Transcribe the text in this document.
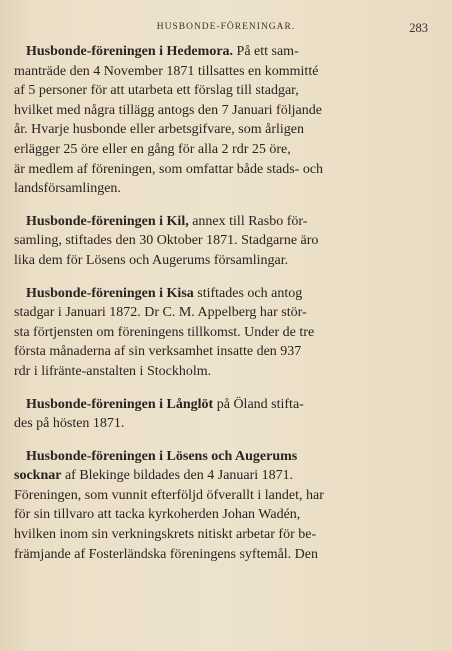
HUSBONDE-FÖRENINGAR.	283
Husbonde-föreningen i Hedemora. På ett sam-
manträde den 4 November 1871 tillsattes en kommitté
af 5 personer för att utarbeta ett förslag till stadgar,
hvilket med några tillägg antogs den 7 Januari följande
år. Hvarje husbonde eller arbetsgifvare, som årligen
erlägger 25 öre eller en gång för alla 2 rdr 25 öre,
är medlem af föreningen, som omfattar både stads- och
landsförsamlingen.
Husbonde-föreningen i Kil, annex till Rasbo för-
samling, stiftades den 30 Oktober 1871. Stadgarne äro
lika dem för Lösens och Augerums församlingar.
Husbonde-föreningen i Kisa stiftades och antog
stadgar i Januari 1872. Dr C. M. Appelberg har stör-
sta förtjensten om föreningens tillkomst. Under de tre
första månaderna af sin verksamhet insatte den 937
rdr i lifränte-anstalten i Stockholm.
Husbonde-föreningen i Långlöt på Öland stifta-
des på hösten 1871.
Husbonde-föreningen i Lösens och Augerums
socknar af Blekinge bildades den 4 Januari 1871.
Föreningen, som vunnit efterföljd öfverallt i landet, har
för sin tillvaro att tacka kyrkoherden Johan Wadén,
hvilken inom sin verkningskrets nitiskt arbetar för be-
främjande af Fosterländska föreningens syftemål. Den
